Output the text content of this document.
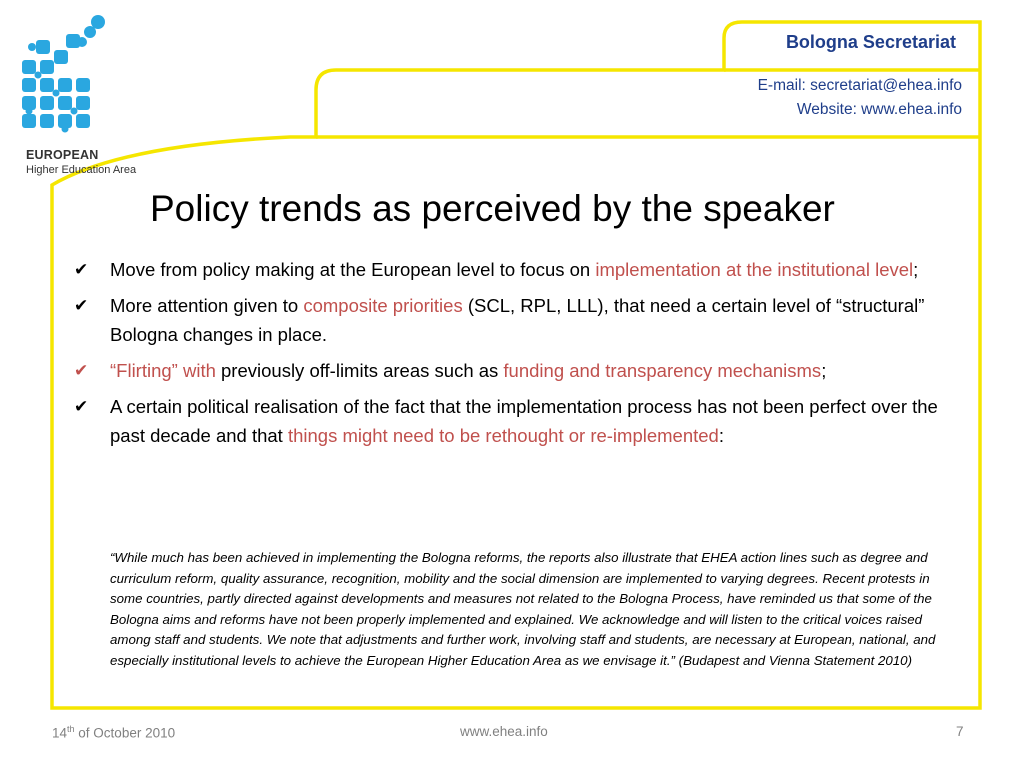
EUROPEAN
Higher Education Area
Bologna Secretariat
E-mail: secretariat@ehea.info
Website: www.ehea.info
Policy trends as perceived by the speaker
✔ Move from policy making at the European level to focus on implementation at the institutional level;
✔ More attention given to composite priorities (SCL, RPL, LLL), that need a certain level of “structural” Bologna changes in place.
✔ “Flirting” with previously off-limits areas such as funding and transparency mechanisms;
✔ A certain political realisation of the fact that the implementation process has not been perfect over the past decade and that things might need to be rethought or re-implemented:

“While much has been achieved in implementing the Bologna reforms, the reports also illustrate that EHEA action lines such as degree and curriculum reform, quality assurance, recognition, mobility and the social dimension are implemented to varying degrees. Recent protests in some countries, partly directed against developments and measures not related to the Bologna Process, have reminded us that some of the Bologna aims and reforms have not been properly implemented and explained. We acknowledge and will listen to the critical voices raised among staff and students. We note that adjustments and further work, involving staff and students, are necessary at European, national, and especially institutional levels to achieve the European Higher Education Area as we envisage it.” (Budapest and Vienna Statement 2010)

14th of October 2010	www.ehea.info	7
